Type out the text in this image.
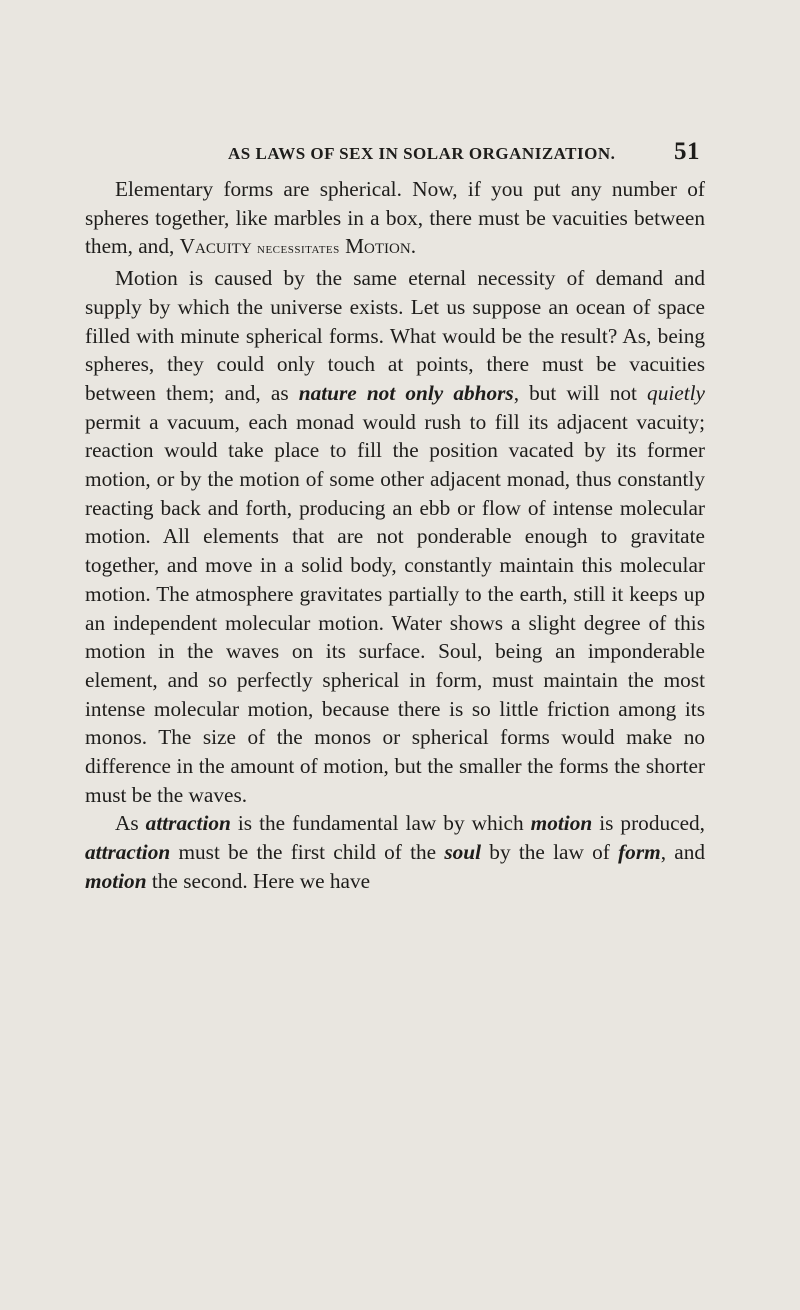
AS LAWS OF SEX IN SOLAR ORGANIZATION. 51

Elementary forms are spherical. Now, if you put any number of spheres together, like marbles in a box, there must be vacuities between them, and, Vacuity necessitates Motion.

Motion is caused by the same eternal necessity of demand and supply by which the universe exists. Let us suppose an ocean of space filled with minute spherical forms. What would be the result? As, being spheres, they could only touch at points, there must be vacuities between them; and, as nature not only abhors, but will not quietly permit a vacuum, each monad would rush to fill its adjacent vacuity; reaction would take place to fill the position vacated by its former motion, or by the motion of some other adjacent monad, thus constantly reacting back and forth, producing an ebb or flow of intense molecular motion. All elements that are not ponderable enough to gravitate together, and move in a solid body, constantly maintain this molecular motion. The atmosphere gravitates partially to the earth, still it keeps up an independent molecular motion. Water shows a slight degree of this motion in the waves on its surface. Soul, being an imponderable element, and so perfectly spherical in form, must maintain the most intense molecular motion, because there is so little friction among its monos. The size of the monos or spherical forms would make no difference in the amount of motion, but the smaller the forms the shorter must be the waves.

As attraction is the fundamental law by which motion is produced, attraction must be the first child of the soul by the law of form, and motion the second. Here we have
